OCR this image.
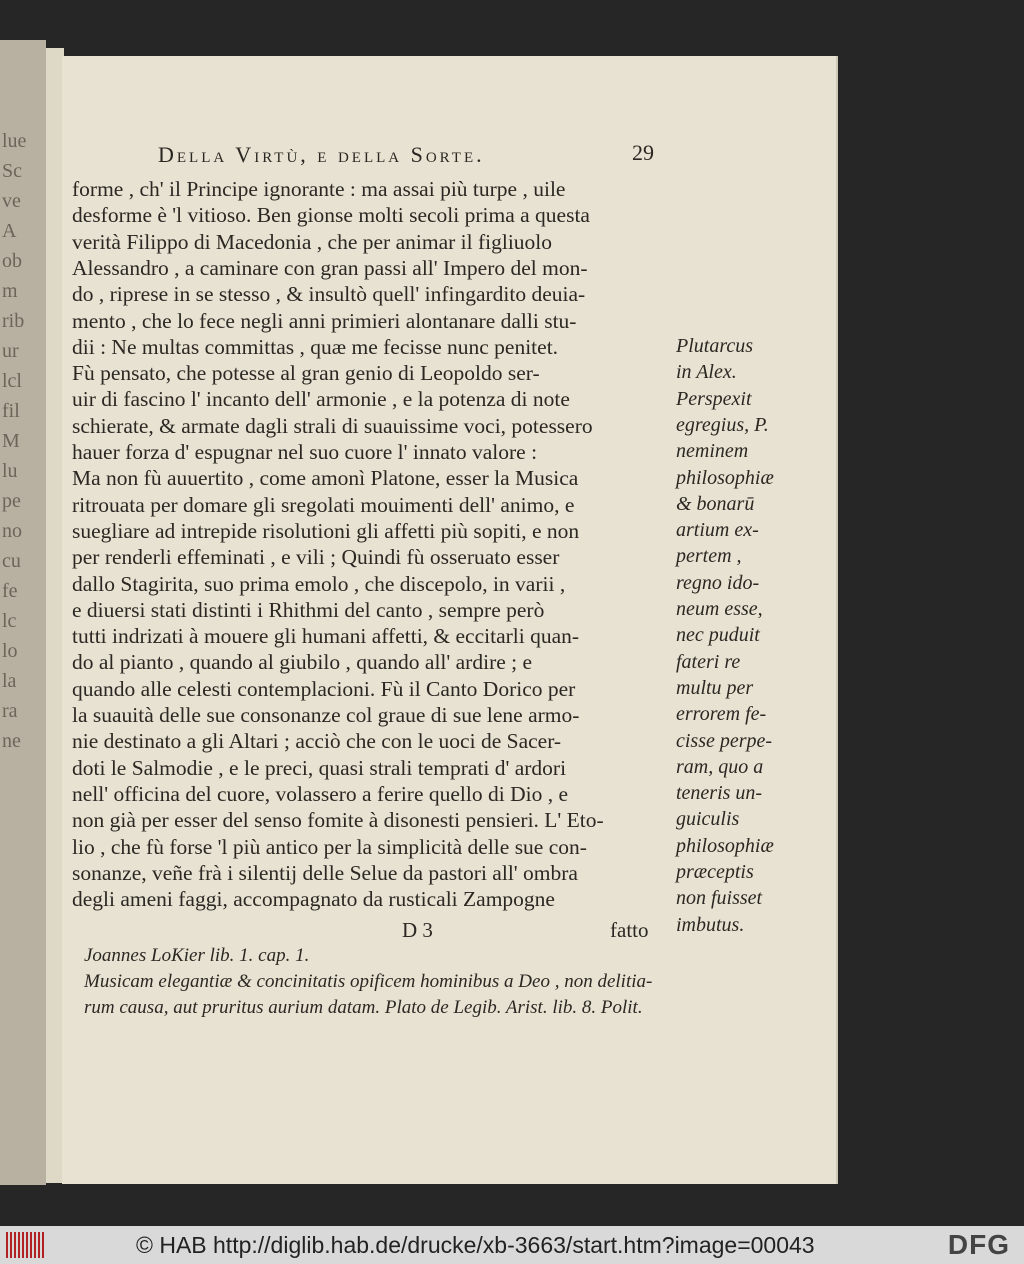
lue
Sc
ve
A
ob
m
rib
ur
lcl
fil
M
lu
pe
no
cu
fe
lc
lo
la
ra
ne
Della Virtù, e della Sorte.	29
forme , ch' il Principe ignorante : ma assai più turpe , uile
desforme è 'l vitioso. Ben gionse molti secoli prima a questa
verità Filippo di Macedonia , che per animar il figliuolo
Alessandro , a caminare con gran passi all' Impero del mon-
do , riprese in se stesso , & insultò quell' infingardito deuia-
mento , che lo fece negli anni primieri alontanare dalli stu-
dii : Ne multas committas , quæ me fecisse nunc penitet.
Fù pensato, che potesse al gran genio di Leopoldo ser-
uir di fascino l' incanto dell' armonie , e la potenza di note
schierate, & armate dagli strali di suauissime voci, potessero
hauer forza d' espugnar nel suo cuore l' innato valore :
Ma non fù auuertito , come amonì Platone, esser la Musica
ritrouata per domare gli sregolati mouimenti dell' animo, e
suegliare ad intrepide risolutioni gli affetti più sopiti, e non
per renderli effeminati , e vili ; Quindi fù osseruato esser
dallo Stagirita, suo prima emolo , che discepolo, in varii ,
e diuersi stati distinti i Rhithmi del canto , sempre però
tutti indrizati à mouere gli humani affetti, & eccitarli quan-
do al pianto , quando al giubilo , quando all' ardire ; e
quando alle celesti contemplacioni. Fù il Canto Dorico per
la suauità delle sue consonanze col graue di sue lene armo-
nie destinato a gli Altari ; acciò che con le uoci de Sacer-
doti le Salmodie , e le preci, quasi strali temprati d' ardori
nell' officina del cuore, volassero a ferire quello di Dio , e
non già per esser del senso fomite à disonesti pensieri. L' Eto-
lio , che fù forse 'l più antico per la simplicità delle sue con-
sonanze, veñe frà i silentij delle Selue da pastori all' ombra
degli ameni faggi, accompagnato da rusticali Zampogne
Plutarcus
in Alex.
Perspexit
egregius, P.
neminem
philosophiæ
& bonarū
artium ex-
pertem ,
regno ido-
neum esse,
nec puduit
fateri re
multu per
errorem fe-
cisse perpe-
ram, quo a
teneris un-
guiculis
philosophiæ
præceptis
non fuisset
imbutus.
D 3	fatto
Joannes LoKier lib. 1. cap. 1.
Musicam elegantiæ & concinitatis opificem hominibus a Deo , non delitia-
rum causa, aut pruritus aurium datam. Plato de Legib. Arist. lib. 8. Polit.
© HAB http://diglib.hab.de/drucke/xb-3663/start.htm?image=00043	DFG
